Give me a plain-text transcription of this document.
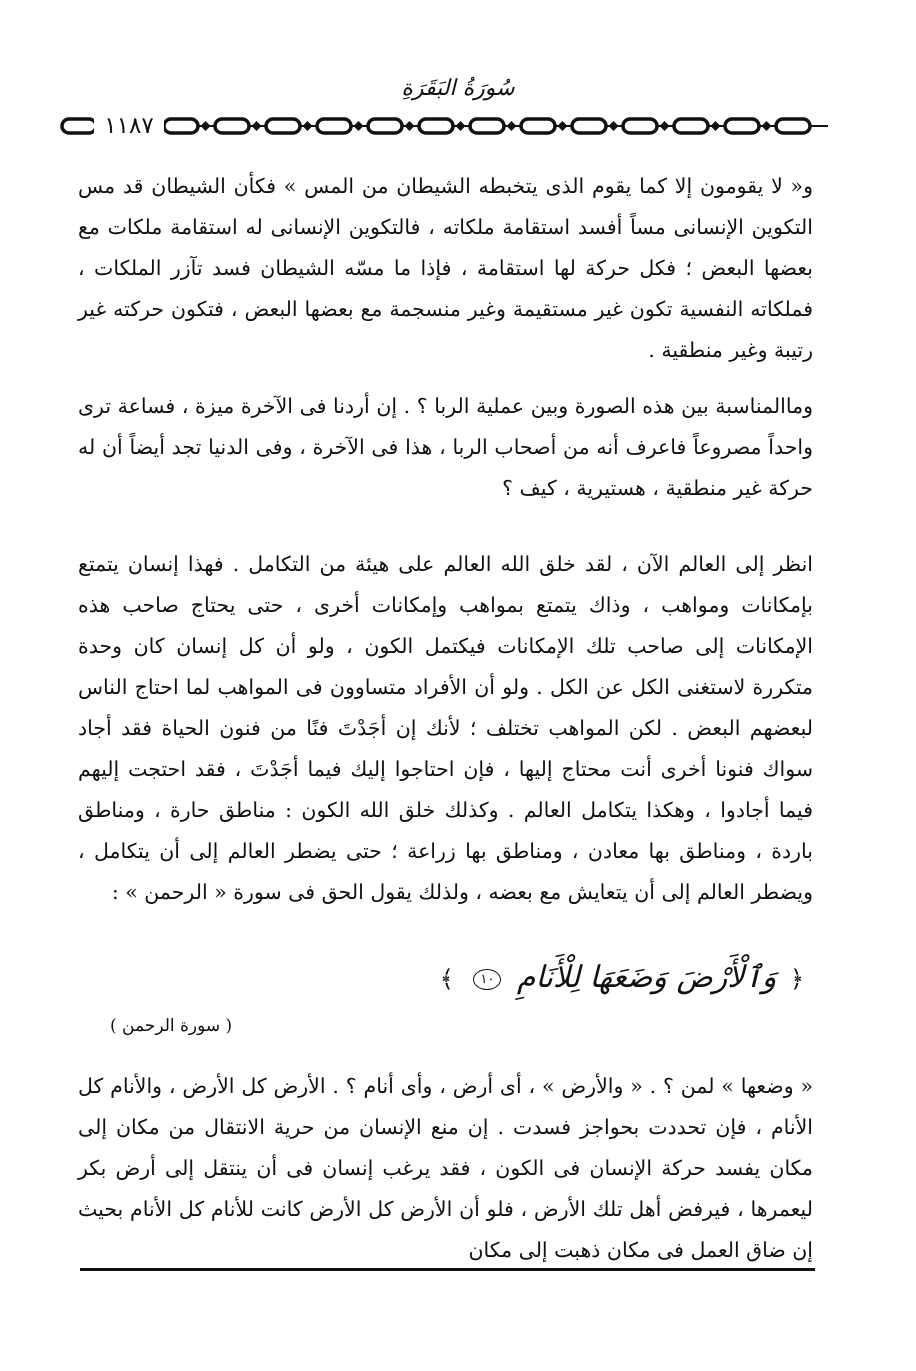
سُورَةُ البَقَرَةِ
١١٨٧

و« لا يقومون إلا كما يقوم الذى يتخبطه الشيطان من المس » فكأن الشيطان قد مس التكوين الإنسانى مساً أفسد استقامة ملكاته ، فالتكوين الإنسانى له استقامة ملكات مع بعضها البعض ؛ فكل حركة لها استقامة ، فإذا ما مسّه الشيطان فسد تآزر الملكات ، فملكاته النفسية تكون غير مستقيمة وغير منسجمة مع بعضها البعض ، فتكون حركته غير رتيبة وغير منطقية .

وماالمناسبة بين هذه الصورة وبين عملية الربا ؟ . إن أردنا فى الآخرة ميزة ، فساعة ترى واحداً مصروعاً فاعرف أنه من أصحاب الربا ، هذا فى الآخرة ، وفى الدنيا تجد أيضاً أن له حركة غير منطقية ، هستيرية ، كيف ؟

انظر إلى العالم الآن ، لقد خلق الله العالم على هيئة من التكامل . فهذا إنسان يتمتع بإمكانات ومواهب ، وذاك يتمتع بمواهب وإمكانات أخرى ، حتى يحتاج صاحب هذه الإمكانات إلى صاحب تلك الإمكانات فيكتمل الكون ، ولو أن كل إنسان كان وحدة متكررة لاستغنى الكل عن الكل . ولو أن الأفراد متساوون فى المواهب لما احتاج الناس لبعضهم البعض . لكن المواهب تختلف ؛ لأنك إن أجَدْتَ فنًا من فنون الحياة فقد أجاد سواك فنونا أخرى أنت محتاج إليها ، فإن احتاجوا إليك فيما أجَدْتَ ، فقد احتجت إليهم فيما أجادوا ، وهكذا يتكامل العالم . وكذلك خلق الله الكون : مناطق حارة ، ومناطق باردة ، ومناطق بها معادن ، ومناطق بها زراعة ؛ حتى يضطر العالم إلى أن يتكامل ، ويضطر العالم إلى أن يتعايش مع بعضه ، ولذلك يقول الحق فى سورة « الرحمن » :

﴿ وَٱلْأَرْضَ وَضَعَهَا لِلْأَنَامِ ١٠ ﴾
( سورة الرحمن )

« وضعها » لمن ؟ . « والأرض » ، أى أرض ، وأى أنام ؟ . الأرض كل الأرض ، والأنام كل الأنام ، فإن تحددت بحواجز فسدت . إن منع الإنسان من حرية الانتقال من مكان إلى مكان يفسد حركة الإنسان فى الكون ، فقد يرغب إنسان فى أن ينتقل إلى أرض بكر ليعمرها ، فيرفض أهل تلك الأرض ، فلو أن الأرض كل الأرض كانت للأنام كل الأنام بحيث إن ضاق العمل فى مكان ذهبت إلى مكان
